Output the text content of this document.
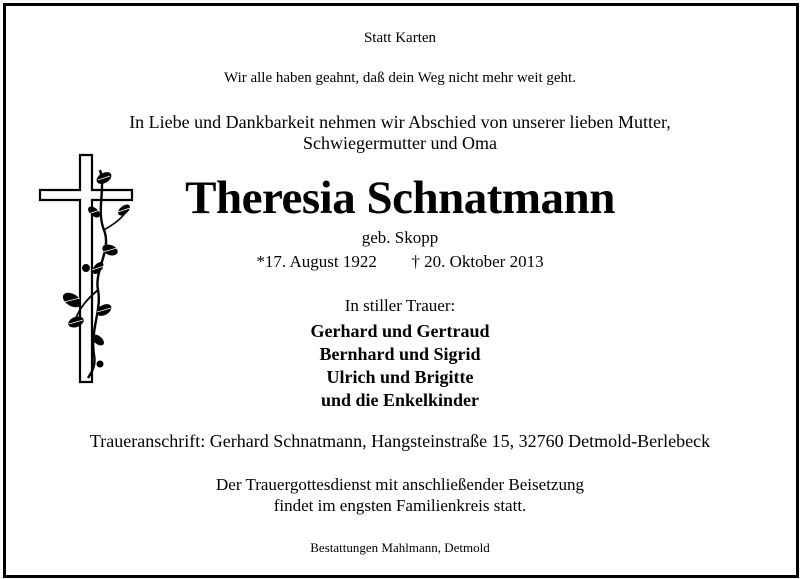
Statt Karten
Wir alle haben geahnt, daß dein Weg nicht mehr weit geht.
In Liebe und Dankbarkeit nehmen wir Abschied von unserer lieben Mutter,
Schwiegermutter und Oma
Theresia Schnatmann
geb. Skopp
*17. August 1922 † 20. Oktober 2013
In stiller Trauer:
Gerhard und Gertraud
Bernhard und Sigrid
Ulrich und Brigitte
und die Enkelkinder
Traueranschrift: Gerhard Schnatmann, Hangsteinstraße 15, 32760 Detmold-Berlebeck
Der Trauergottesdienst mit anschließender Beisetzung
findet im engsten Familienkreis statt.
Bestattungen Mahlmann, Detmold
